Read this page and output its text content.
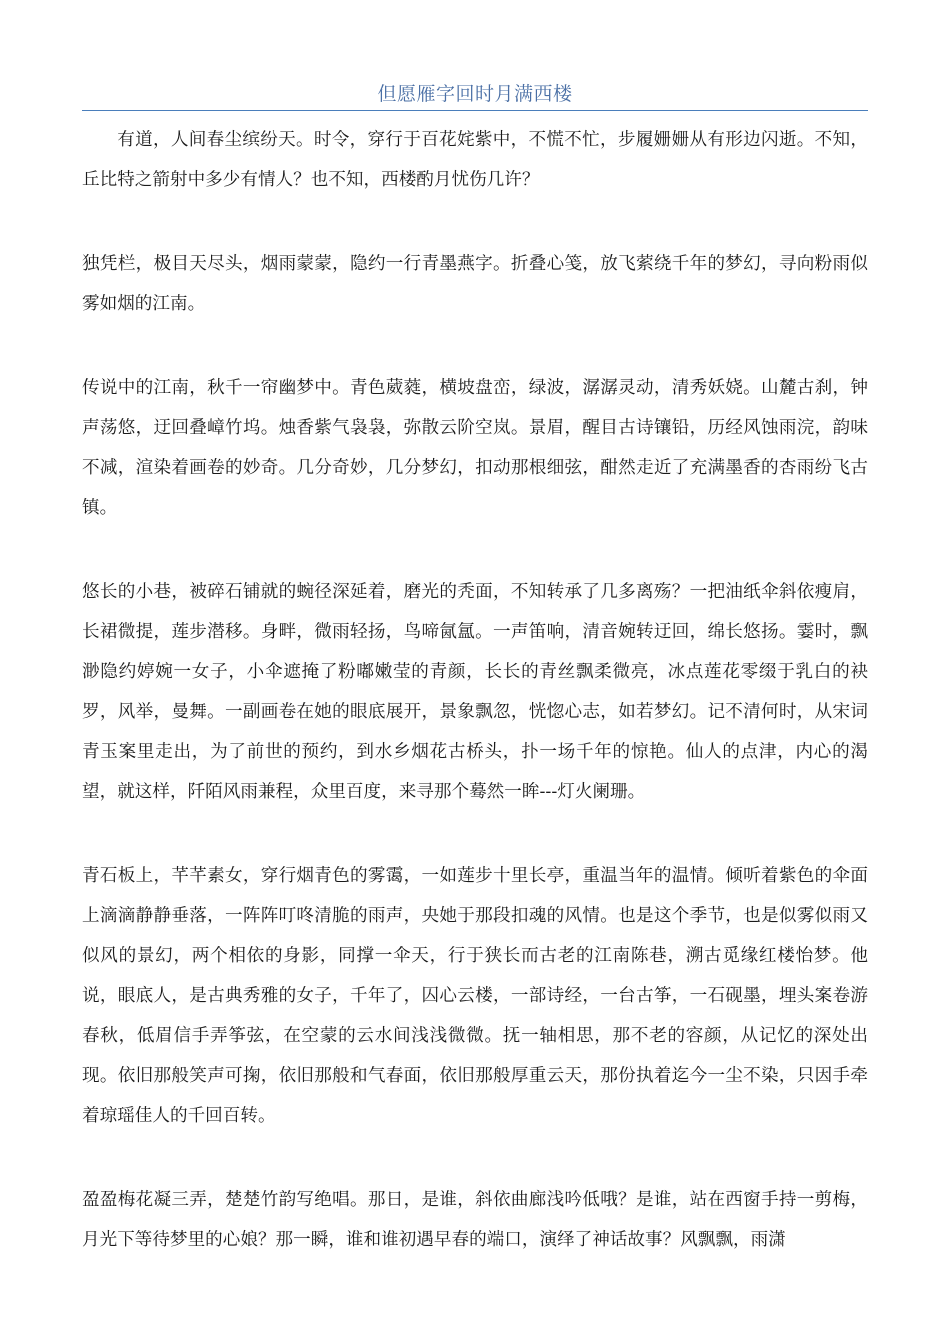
但愿雁字回时月满西楼

有道，人间春尘缤纷天。时令，穿行于百花姹紫中，不慌不忙，步履姗姗从有形边闪逝。不知，丘比特之箭射中多少有情人？也不知，西楼酌月忧伤几许？

独凭栏，极目天尽头，烟雨蒙蒙，隐约一行青墨燕字。折叠心笺，放飞萦绕千年的梦幻，寻向粉雨似雾如烟的江南。

传说中的江南，秋千一帘幽梦中。青色葳蕤，横坡盘峦，绿波，潺潺灵动，清秀妖娆。山麓古刹，钟声荡悠，迂回叠嶂竹坞。烛香紫气袅袅，弥散云阶空岚。景眉，醒目古诗镶铅，历经风蚀雨浣，韵味不减，渲染着画卷的妙奇。几分奇妙，几分梦幻，扣动那根细弦，酣然走近了充满墨香的杏雨纷飞古镇。

悠长的小巷，被碎石铺就的蜿径深延着，磨光的秃面，不知转承了几多离殇？一把油纸伞斜依瘦肩，长裙微提，莲步潜移。身畔，微雨轻扬，鸟啼氤氲。一声笛响，清音婉转迂回，绵长悠扬。霎时，飘渺隐约婷婉一女子，小伞遮掩了粉嘟嫩莹的青颜，长长的青丝飘柔微亮，冰点莲花零缀于乳白的袂罗，风举，曼舞。一副画卷在她的眼底展开，景象飘忽，恍惚心志，如若梦幻。记不清何时，从宋词青玉案里走出，为了前世的预约，到水乡烟花古桥头，扑一场千年的惊艳。仙人的点津，内心的渴望，就这样，阡陌风雨兼程，众里百度，来寻那个蓦然一眸---灯火阑珊。

青石板上，芊芊素女，穿行烟青色的雾霭，一如莲步十里长亭，重温当年的温情。倾听着紫色的伞面上滴滴静静垂落，一阵阵叮咚清脆的雨声，央她于那段扣魂的风情。也是这个季节，也是似雾似雨又似风的景幻，两个相依的身影，同撑一伞天，行于狭长而古老的江南陈巷，溯古觅缘红楼怡梦。他说，眼底人，是古典秀雅的女子，千年了，囚心云楼，一部诗经，一台古筝，一石砚墨，埋头案卷游春秋，低眉信手弄筝弦，在空蒙的云水间浅浅微微。抚一轴相思，那不老的容颜，从记忆的深处出现。依旧那般笑声可掬，依旧那般和气春面，依旧那般厚重云天，那份执着迄今一尘不染，只因手牵着琼瑶佳人的千回百转。

盈盈梅花凝三弄，楚楚竹韵写绝唱。那日，是谁，斜依曲廊浅吟低哦？是谁，站在西窗手持一剪梅，月光下等待梦里的心娘？那一瞬，谁和谁初遇早春的端口，演绎了神话故事？风飘飘，雨潇
